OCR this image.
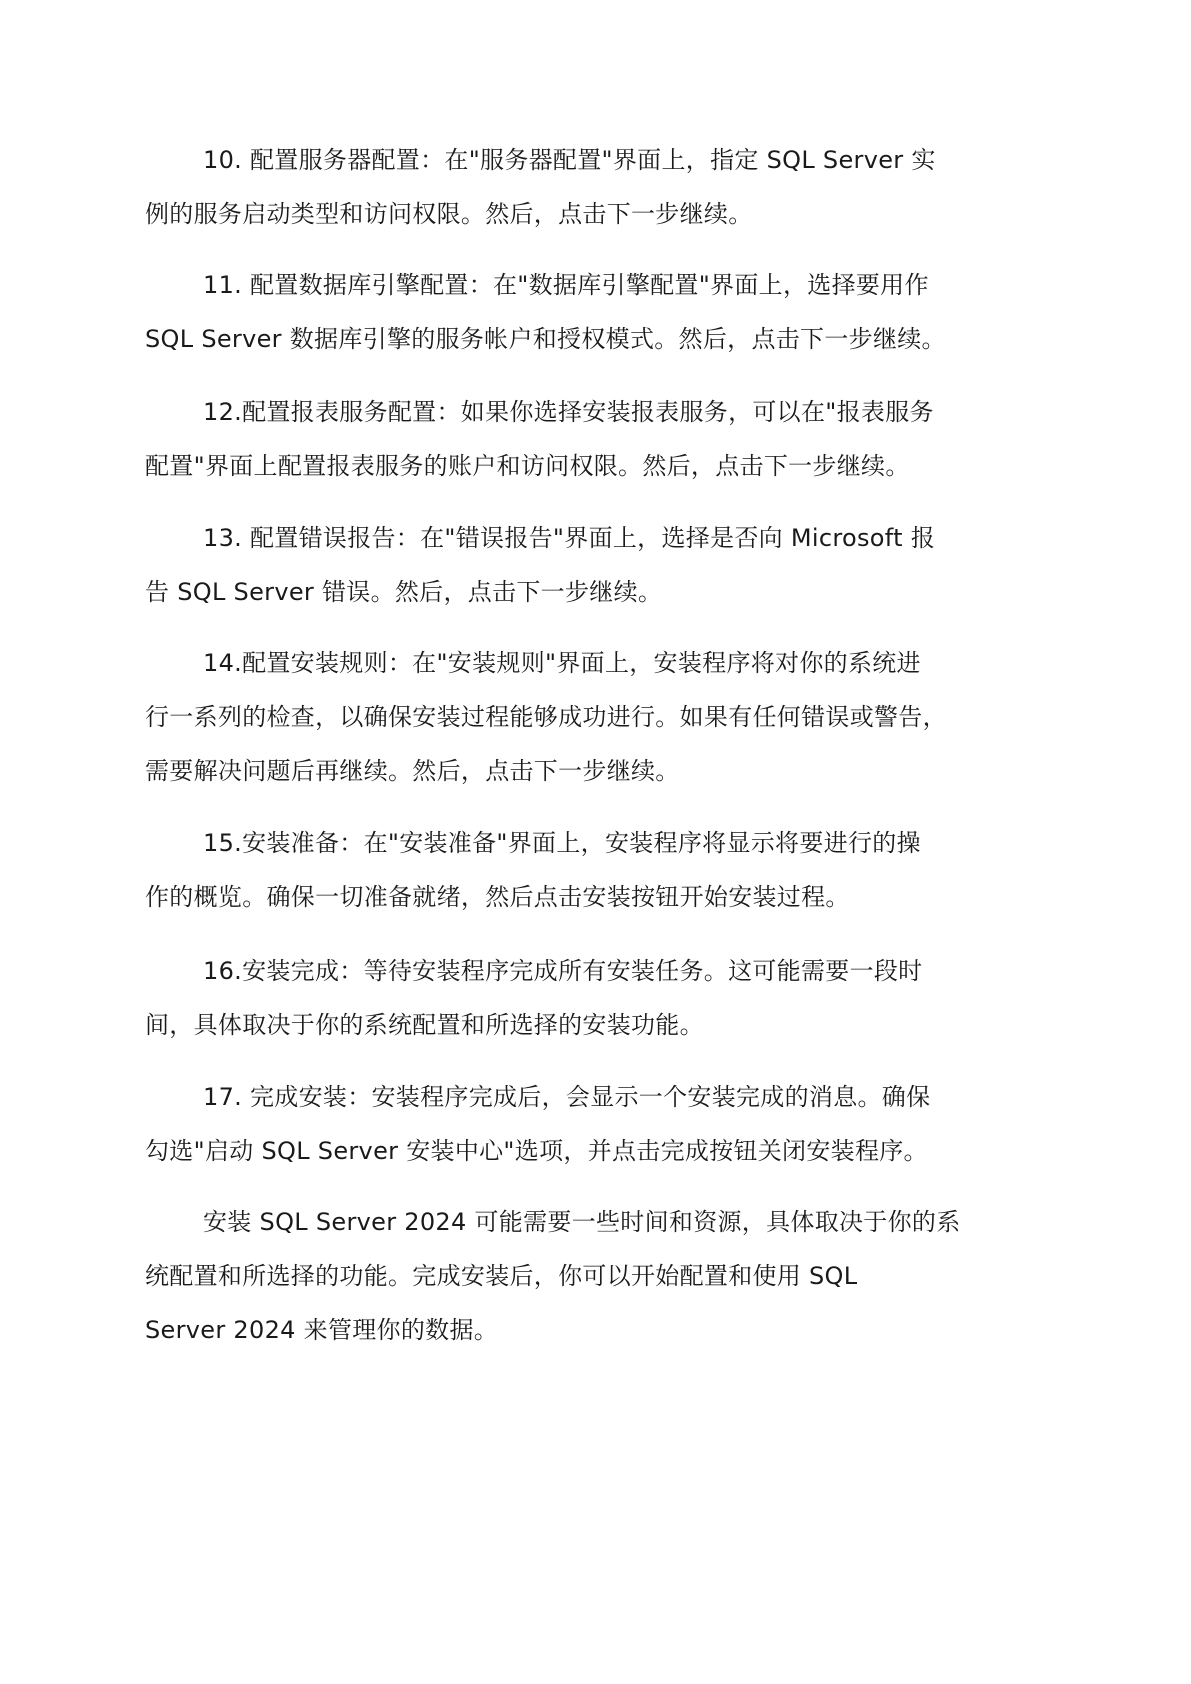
10. 配置服务器配置：在"服务器配置"界面上，指定 SQL Server 实
例的服务启动类型和访问权限。然后，点击下一步继续。
11. 配置数据库引擎配置：在"数据库引擎配置"界面上，选择要用作
SQL Server 数据库引擎的服务帐户和授权模式。然后，点击下一步继续。
12.配置报表服务配置：如果你选择安装报表服务，可以在"报表服务
配置"界面上配置报表服务的账户和访问权限。然后，点击下一步继续。
13. 配置错误报告：在"错误报告"界面上，选择是否向 Microsoft 报
告 SQL Server 错误。然后，点击下一步继续。
14.配置安装规则：在"安装规则"界面上，安装程序将对你的系统进
行一系列的检查，以确保安装过程能够成功进行。如果有任何错误或警告，
需要解决问题后再继续。然后，点击下一步继续。
15.安装准备：在"安装准备"界面上，安装程序将显示将要进行的操
作的概览。确保一切准备就绪，然后点击安装按钮开始安装过程。
16.安装完成：等待安装程序完成所有安装任务。这可能需要一段时
间，具体取决于你的系统配置和所选择的安装功能。
17. 完成安装：安装程序完成后，会显示一个安装完成的消息。确保
勾选"启动 SQL Server 安装中心"选项，并点击完成按钮关闭安装程序。
安装 SQL Server 2024 可能需要一些时间和资源，具体取决于你的系
统配置和所选择的功能。完成安装后，你可以开始配置和使用 SQL
Server 2024 来管理你的数据。
